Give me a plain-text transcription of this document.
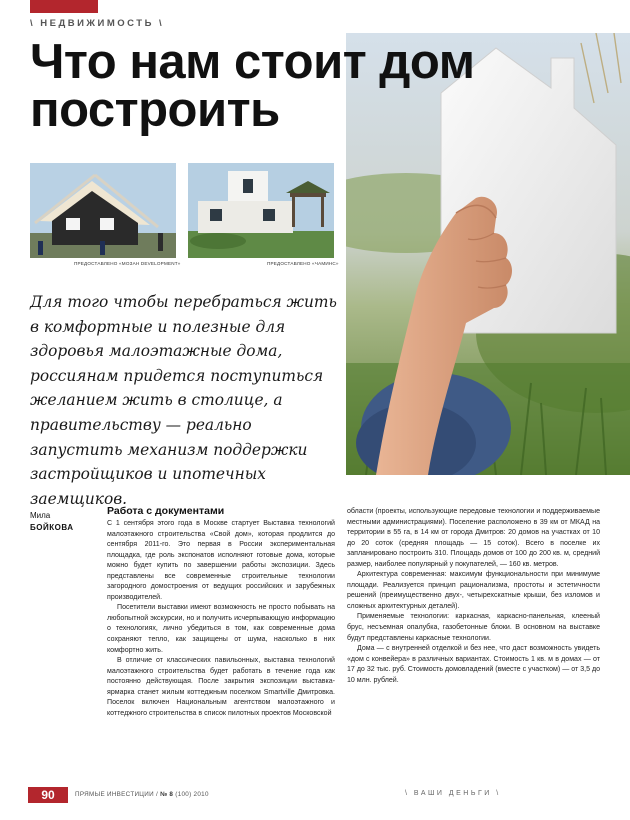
\ НЕДВИЖИМОСТЬ \
Что нам стоит дом
построить
ПРЕДОСТАВЛЕНО «МОЗАН DEVELOPMENT»	ПРЕДОСТАВЛЕНО «ЧАМИНС»

Для того чтобы перебраться жить в комфортные и полезные для здоровья малоэтажные дома, россиянам придется поступиться желанием жить в столице, а правительству — реально запустить механизм поддержки застройщиков и ипотечных заемщиков.

Мила
БОЙКОВА
Работа с документами

С 1 сентября этого года в Москве стартует Выставка технологий малоэтажного строительства «Свой дом», которая продлится до сентября 2011-го. Это первая в России экспериментальная площадка, где роль экспонатов исполняют готовые дома, которые можно будет купить по завершении работы экспозиции. Здесь представлены все современные строительные технологии загородного домостроения от ведущих российских и зарубежных производителей.

Посетители выставки имеют возможность не просто побывать на любопытной экскурсии, но и получить исчерпывающую информацию о технологиях, лично убедиться в том, как современные дома сохраняют тепло, как защищены от шума, насколько в них комфортно жить.

В отличие от классических павильонных, выставка технологий малоэтажного строительства будет работать в течение года как постоянно действующая. После закрытия экспозиции выставка-ярмарка станет жилым коттеджным поселком Smartville Дмитровка. Поселок включен Национальным агентством малоэтажного и коттеджного строительства в список пилотных проектов Московской

области (проекты, использующие передовые технологии и поддерживаемые местными администрациями). Поселение расположено в 39 км от МКАД на территории в 55 га, в 14 км от города Дмитров: 20 домов на участках от 10 до 20 соток (средняя площадь — 15 соток). Всего в поселке их запланировано построить 310. Площадь домов от 100 до 200 кв. м, средний размер, наиболее популярный у покупателей, — 160 кв. метров.

Архитектура современная: максимум функциональности при минимуме площади. Реализуется принцип рационализма, простоты и эстетичности решений (преимущественно двух-, четырехскатные крыши, без изломов и сложных архитектурных деталей).

Применяемые технологии: каркасная, каркасно-панельная, клееный брус, несъемная опалубка, газобетонные блоки. В основном на выставке будут представлены каркасные технологии.

Дома — с внутренней отделкой и без нее, что даст возможность увидеть «дом с конвейера» в различных вариантах. Стоимость 1 кв. м в домах — от 17 до 32 тыс. руб. Стоимость домовладений (вместе с участком) — от 3,5 до 10 млн. рублей.

90	ПРЯМЫЕ ИНВЕСТИЦИИ / № 8 (100) 2010	\ ВАШИ ДЕНЬГИ \
